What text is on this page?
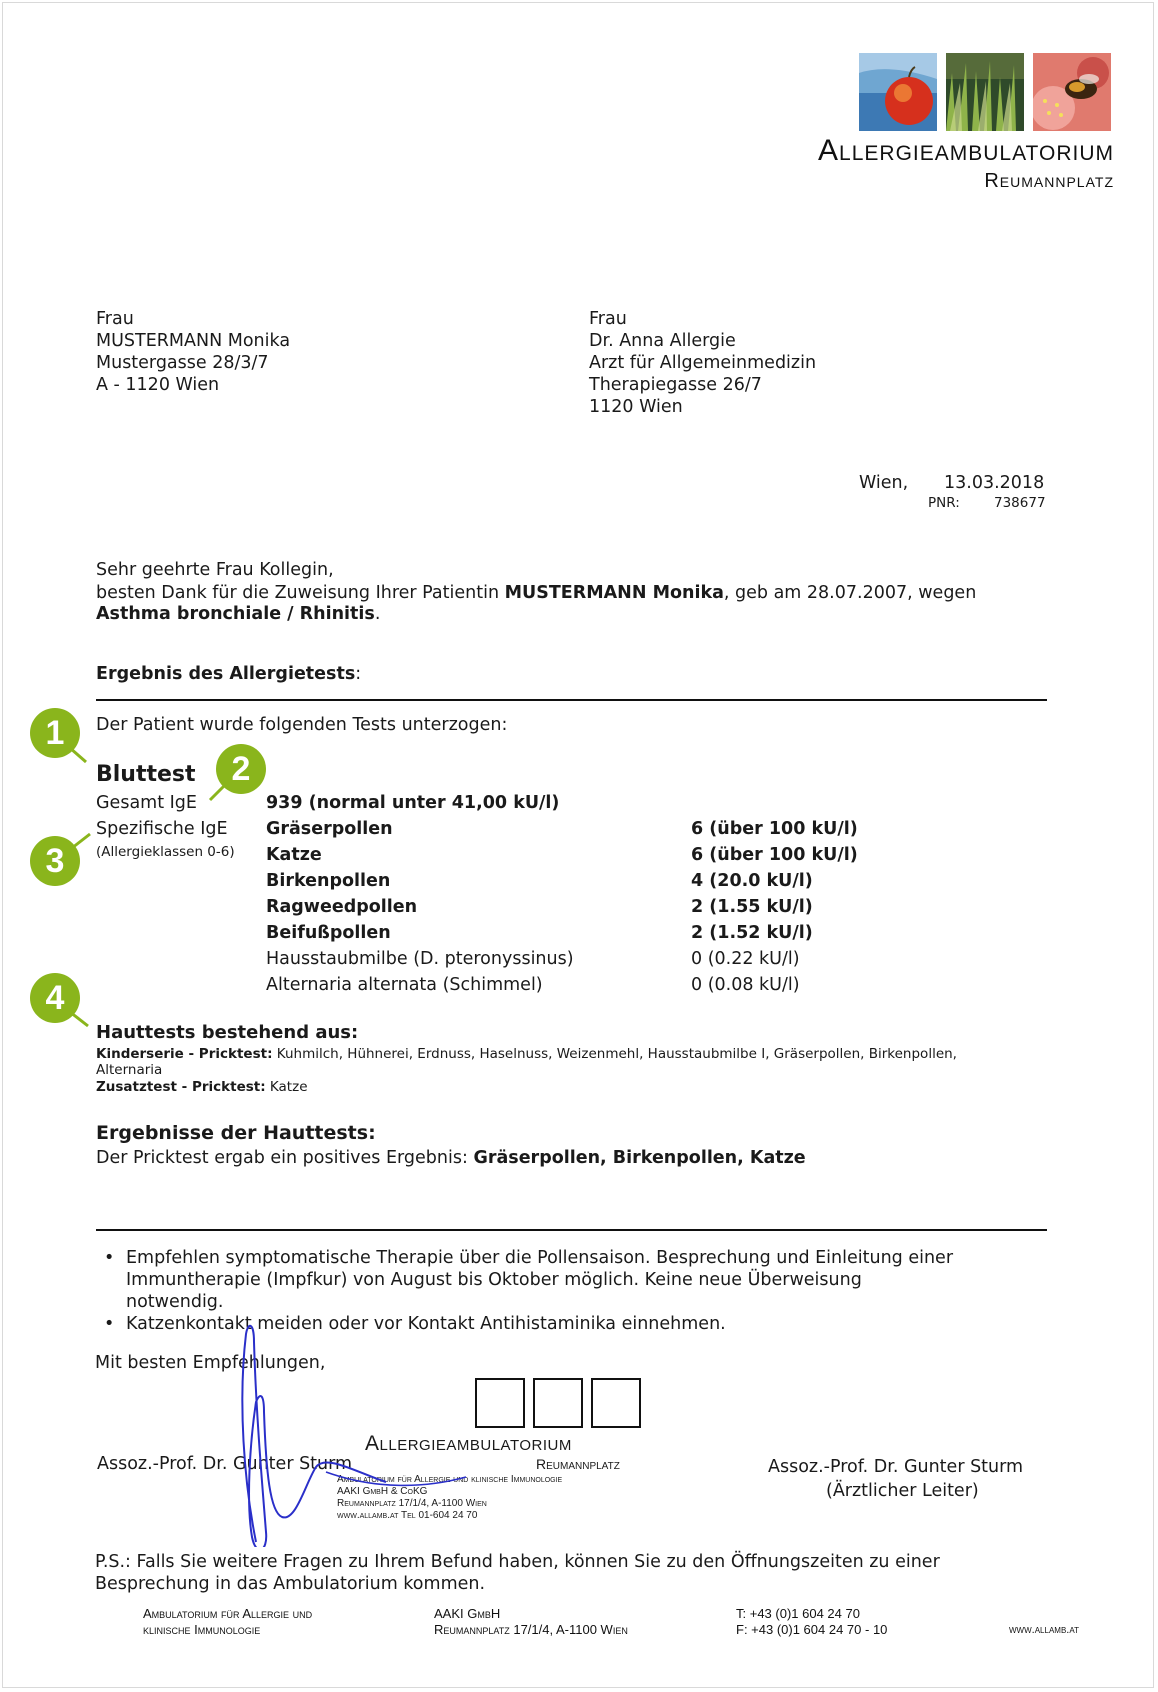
Allergieambulatorium
Reumannplatz
Frau
MUSTERMANN Monika
Mustergasse 28/3/7
A - 1120 Wien
Frau
Dr. Anna Allergie
Arzt für Allgemeinmedizin
Therapiegasse 26/7
1120 Wien
Wien, 13.03.2018
PNR:	738677
Sehr geehrte Frau Kollegin,
besten Dank für die Zuweisung Ihrer Patientin MUSTERMANN Monika, geb am 28.07.2007, wegen
Asthma bronchiale / Rhinitis.
Ergebnis des Allergietests:
Der Patient wurde folgenden Tests unterzogen:
Bluttest
Gesamt IgE	939 (normal unter 41,00 kU/l)
Spezifische IgE
(Allergieklassen 0-6)
Gräserpollen	6 (über 100 kU/l)
Katze	6 (über 100 kU/l)
Birkenpollen	4 (20.0 kU/l)
Ragweedpollen	2 (1.55 kU/l)
Beifußpollen	2 (1.52 kU/l)
Hausstaubmilbe (D. pteronyssinus)	0 (0.22 kU/l)
Alternaria alternata (Schimmel)	0 (0.08 kU/l)
Hauttests bestehend aus:
Kinderserie - Pricktest: Kuhmilch, Hühnerei, Erdnuss, Haselnuss, Weizenmehl, Hausstaubmilbe I, Gräserpollen, Birkenpollen,
Alternaria
Zusatztest - Pricktest: Katze
Ergebnisse der Hauttests:
Der Pricktest ergab ein positives Ergebnis: Gräserpollen, Birkenpollen, Katze
• Empfehlen symptomatische Therapie über die Pollensaison. Besprechung und Einleitung einer
Immuntherapie (Impfkur) von August bis Oktober möglich. Keine neue Überweisung
notwendig.
• Katzenkontakt meiden oder vor Kontakt Antihistaminika einnehmen.
Mit besten Empfehlungen,
Allergieambulatorium
Reumannplatz
Ambulatorium für Allergie und klinische Immunologie
AAKI GmbH & CoKG
Reumannplatz 17/1/4, A-1100 Wien
www.allamb.at Tel 01-604 24 70
Assoz.-Prof. Dr. Gunter Sturm	Assoz.-Prof. Dr. Gunter Sturm
(Ärztlicher Leiter)
P.S.: Falls Sie weitere Fragen zu Ihrem Befund haben, können Sie zu den Öffnungszeiten zu einer
Besprechung in das Ambulatorium kommen.
Ambulatorium für Allergie und
klinische Immunologie
AAKI GmbH
Reumannplatz 17/1/4, A-1100 Wien
T: +43 (0)1 604 24 70
F: +43 (0)1 604 24 70 - 10	www.allamb.at
1
2
3
4
